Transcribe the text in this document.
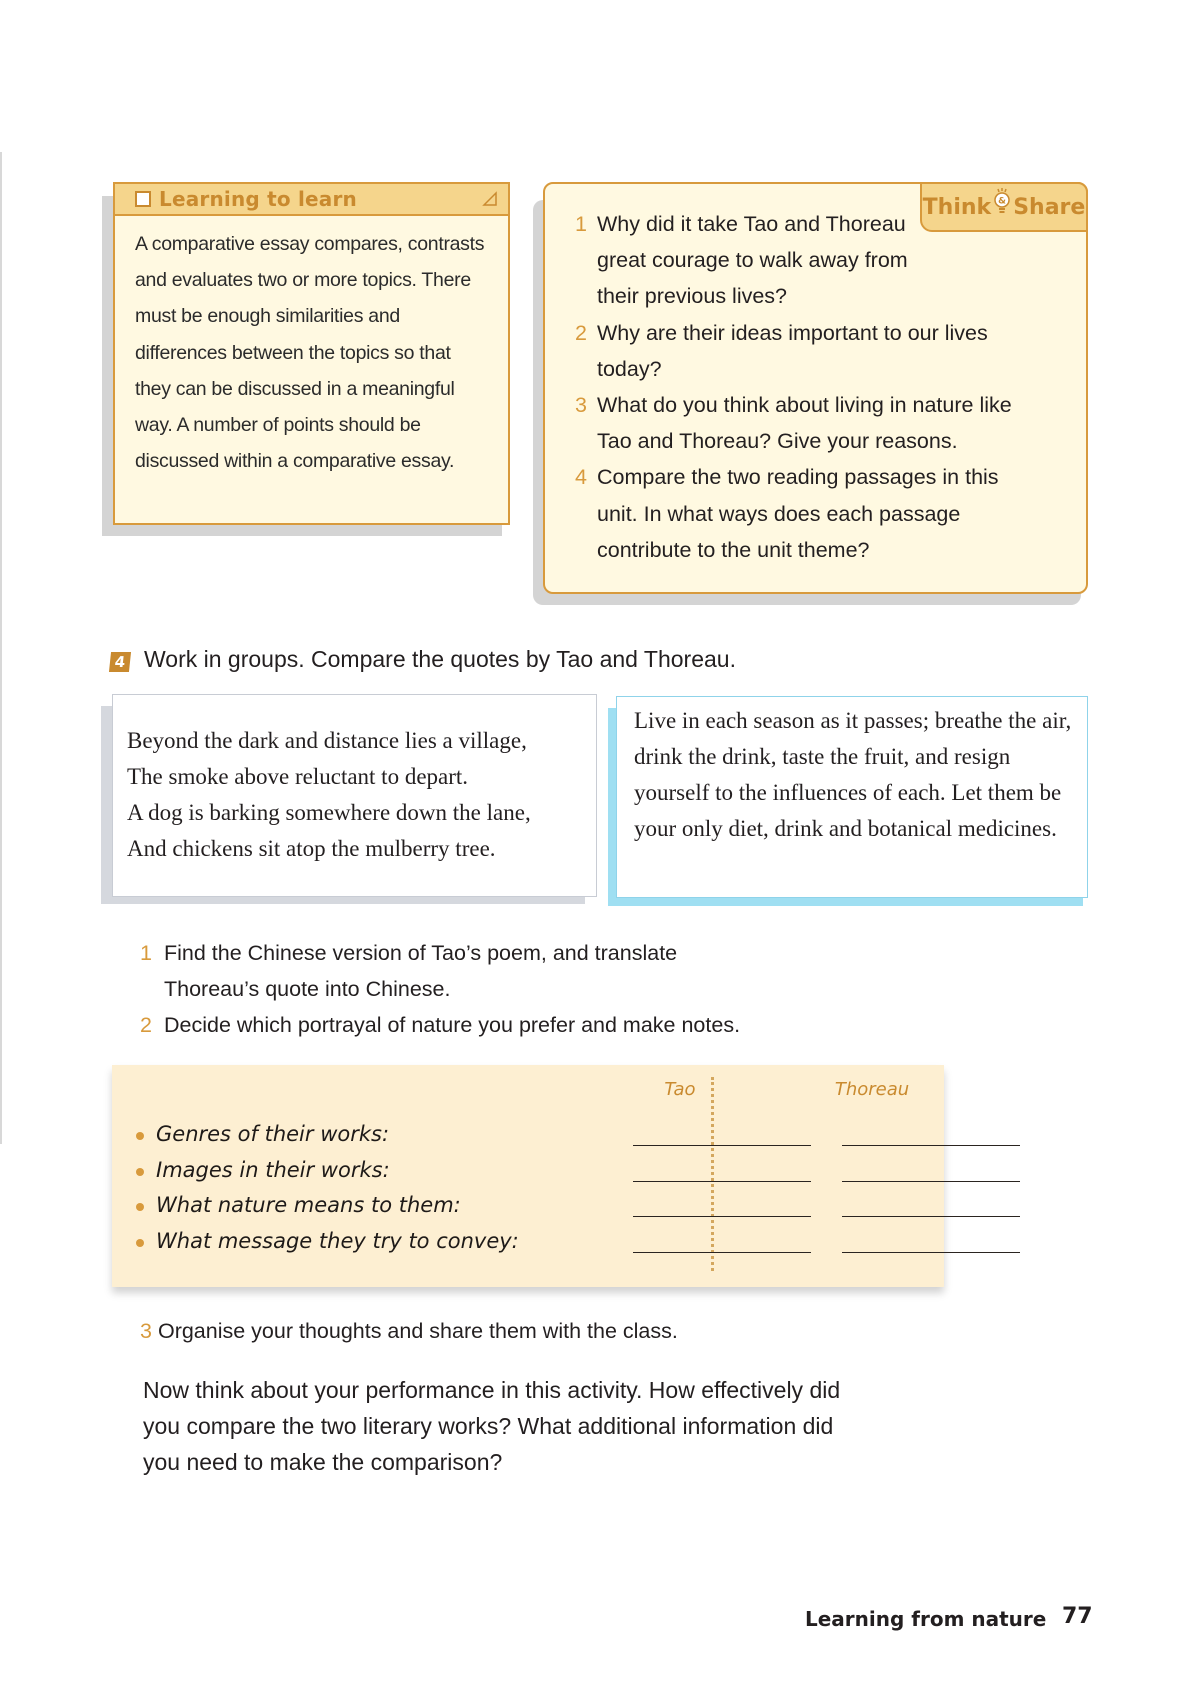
Learning to learn
A comparative essay compares, contrasts and evaluates two or more topics. There must be enough similarities and differences between the topics so that they can be discussed in a meaningful way. A number of points should be discussed within a comparative essay.
Think & Share
1 Why did it take Tao and Thoreau great courage to walk away from their previous lives?
2 Why are their ideas important to our lives today?
3 What do you think about living in nature like Tao and Thoreau? Give your reasons.
4 Compare the two reading passages in this unit. In what ways does each passage contribute to the unit theme?
4 Work in groups. Compare the quotes by Tao and Thoreau.
Beyond the dark and distance lies a village,
The smoke above reluctant to depart.
A dog is barking somewhere down the lane,
And chickens sit atop the mulberry tree.
Live in each season as it passes; breathe the air, drink the drink, taste the fruit, and resign yourself to the influences of each. Let them be your only diet, drink and botanical medicines.
1 Find the Chinese version of Tao’s poem, and translate Thoreau’s quote into Chinese.
2 Decide which portrayal of nature you prefer and make notes.
Tao	Thoreau
Genres of their works:
Images in their works:
What nature means to them:
What message they try to convey:
3 Organise your thoughts and share them with the class.
Now think about your performance in this activity. How effectively did you compare the two literary works? What additional information did you need to make the comparison?
Learning from nature 77
